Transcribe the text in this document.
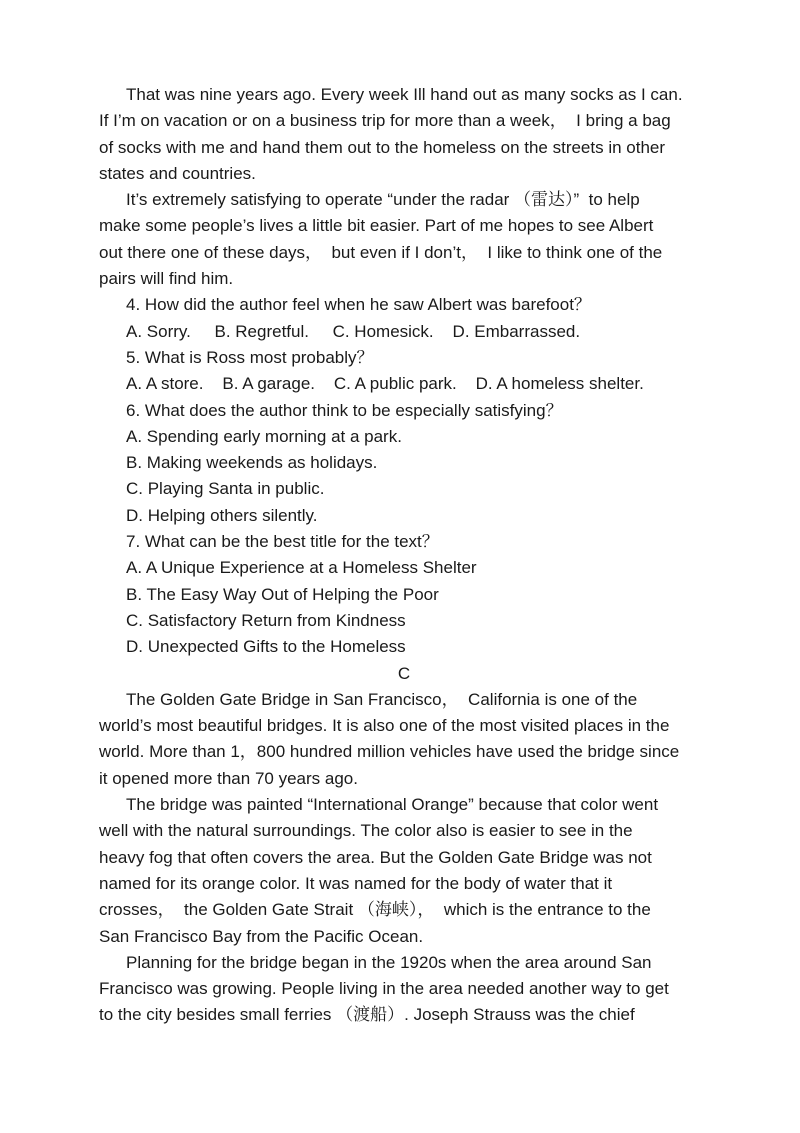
That was nine years ago. Every week Ill hand out as many socks as I can.
If I’m on vacation or on a business trip for more than a week，  I bring a bag
of socks with me and hand them out to the homeless on the streets in other
states and countries.
It’s extremely satisfying to operate “under the radar （雷达）”  to help
make some people’s lives a little bit easier. Part of me hopes to see Albert
out there one of these days，  but even if I don’t，  I like to think one of the
pairs will find him.
4. How did the author feel when he saw Albert was barefoot？
A. Sorry.     B. Regretful.     C. Homesick.    D. Embarrassed.
5. What is Ross most probably？
A. A store.    B. A garage.    C. A public park.    D. A homeless shelter.
6. What does the author think to be especially satisfying？
A. Spending early morning at a park.
B. Making weekends as holidays.
C. Playing Santa in public.
D. Helping others silently.
7. What can be the best title for the text？
A. A Unique Experience at a Homeless Shelter
B. The Easy Way Out of Helping the Poor
C. Satisfactory Return from Kindness
D. Unexpected Gifts to the Homeless
C
The Golden Gate Bridge in San Francisco，  California is one of the
world’s most beautiful bridges. It is also one of the most visited places in the
world. More than 1，800 hundred million vehicles have used the bridge since
it opened more than 70 years ago.
The bridge was painted “International Orange” because that color went
well with the natural surroundings. The color also is easier to see in the
heavy fog that often covers the area. But the Golden Gate Bridge was not
named for its orange color. It was named for the body of water that it
crosses，  the Golden Gate Strait （海峡），  which is the entrance to the
San Francisco Bay from the Pacific Ocean.
Planning for the bridge began in the 1920s when the area around San
Francisco was growing. People living in the area needed another way to get
to the city besides small ferries （渡船）. Joseph Strauss was the chief
